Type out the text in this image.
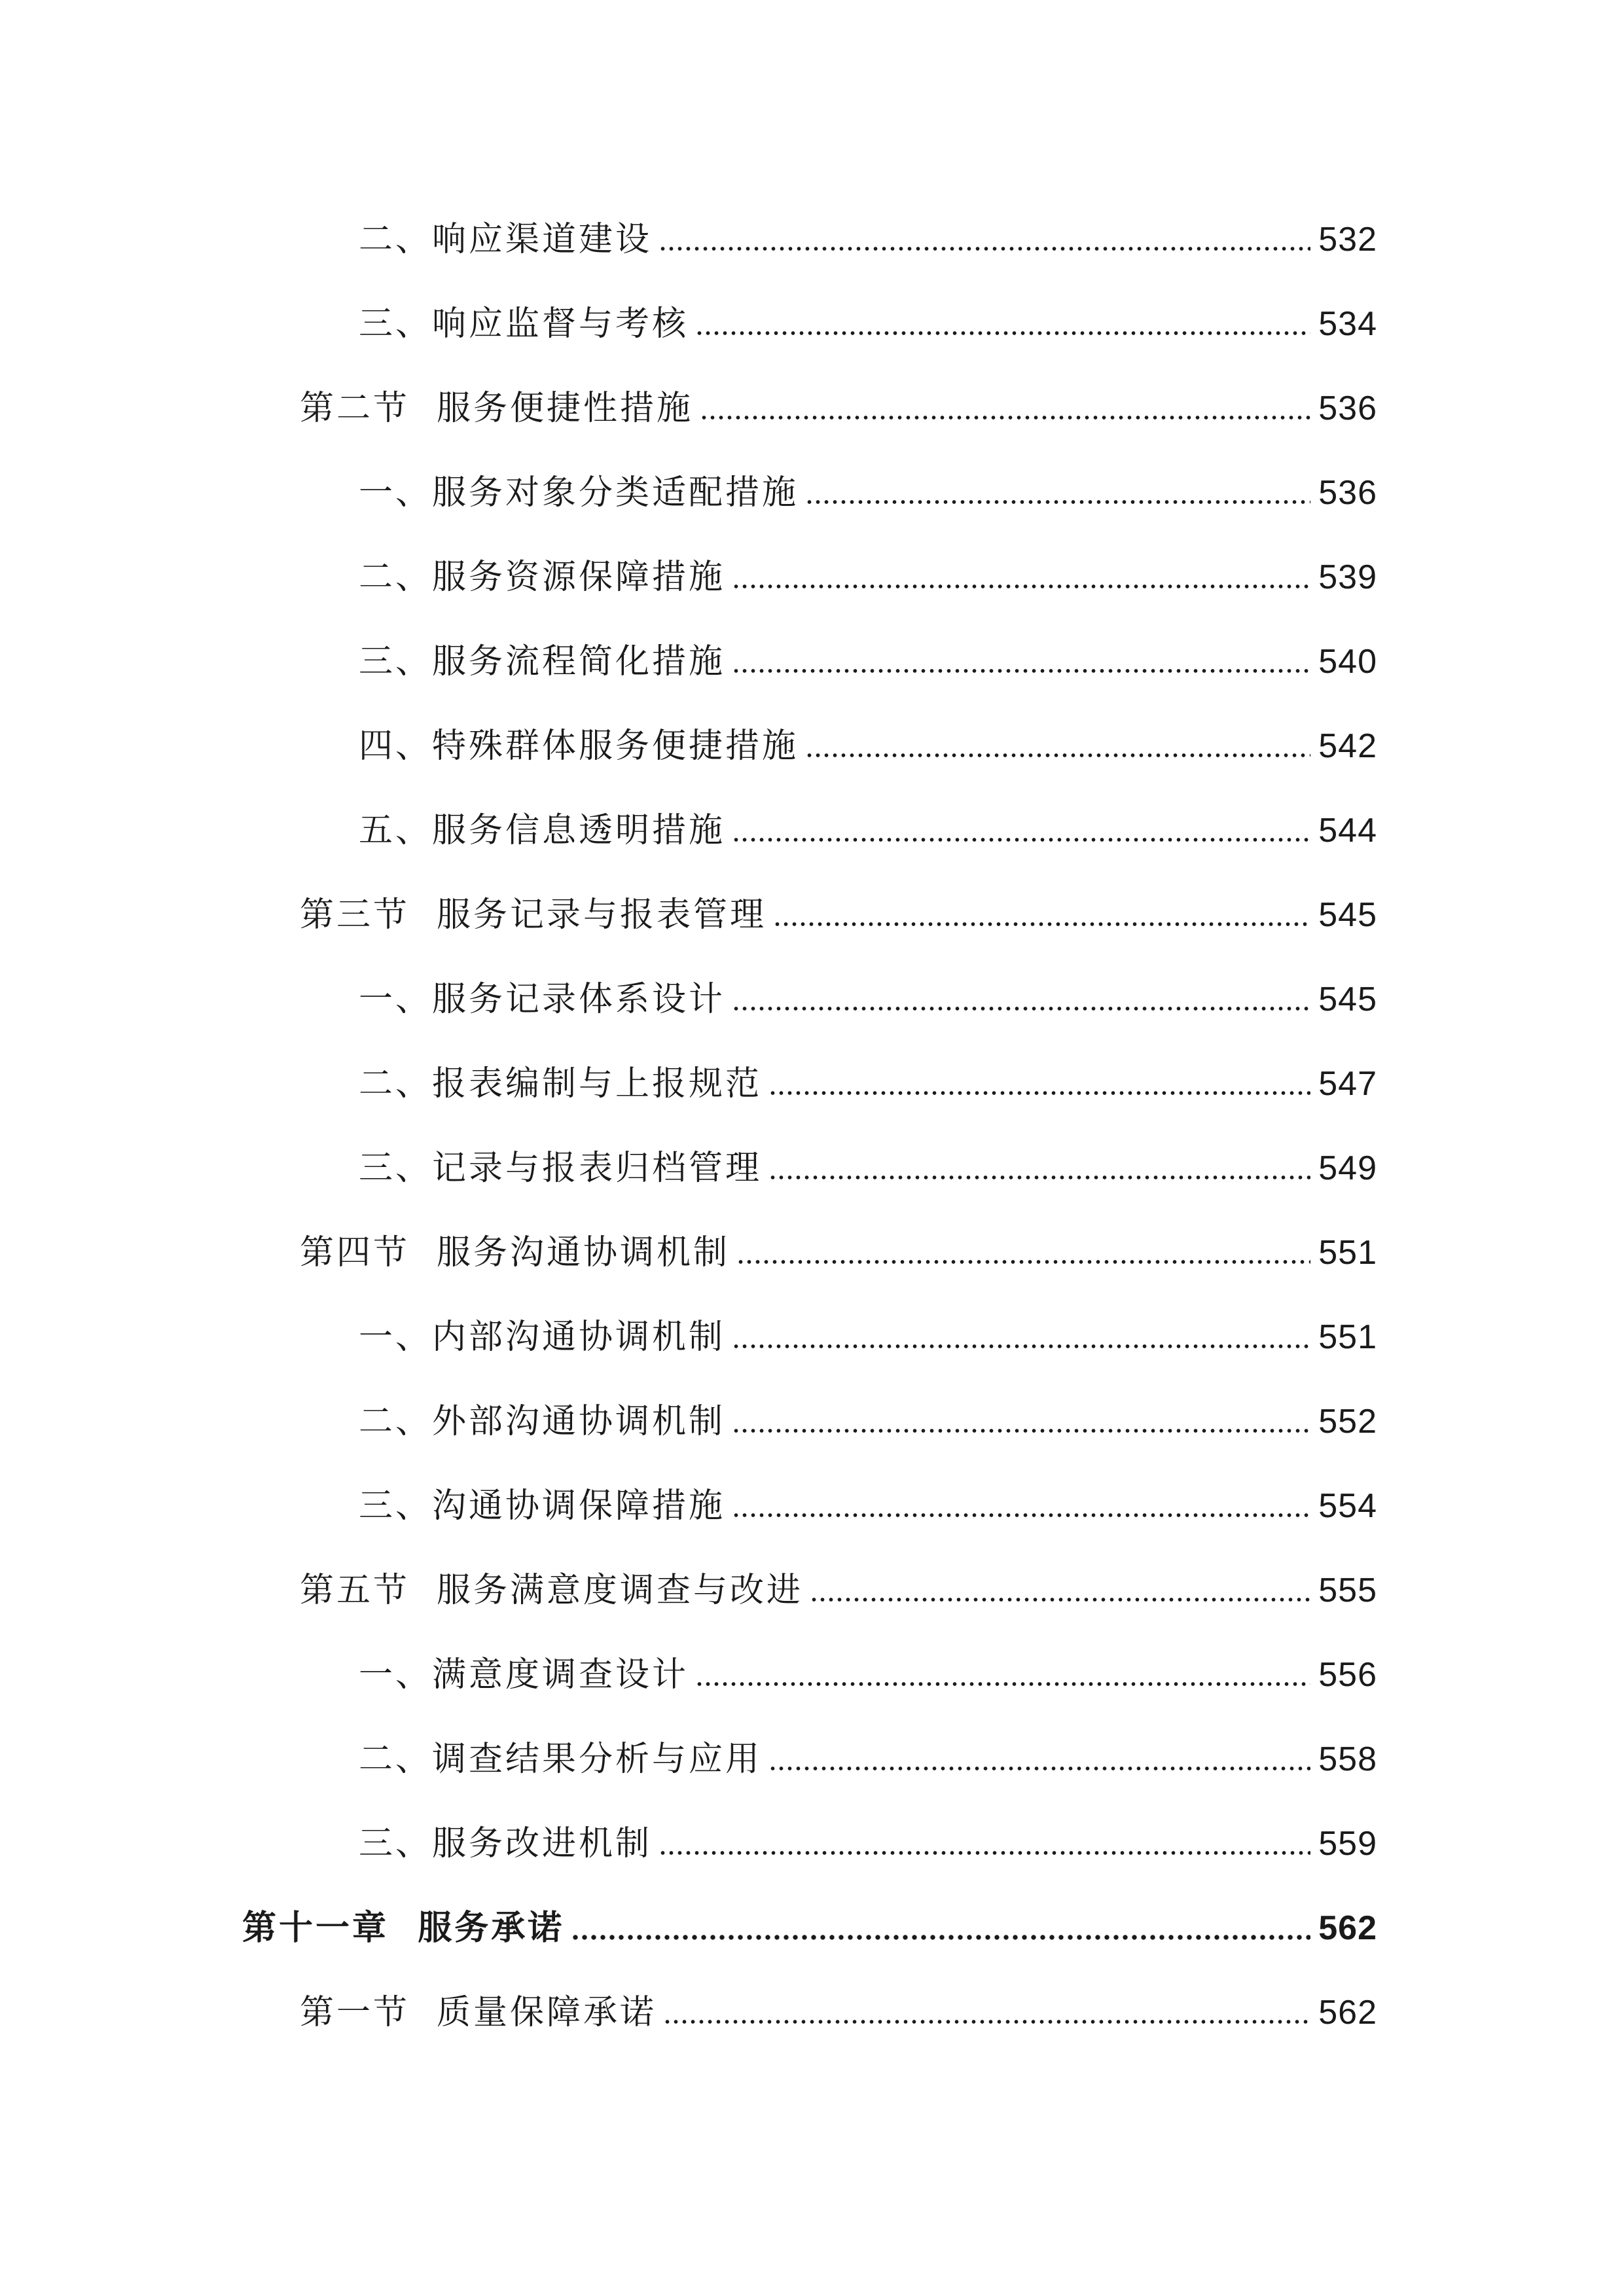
二、响应渠道建设	532
三、响应监督与考核	534
第二节  服务便捷性措施	536
一、服务对象分类适配措施	536
二、服务资源保障措施	539
三、服务流程简化措施	540
四、特殊群体服务便捷措施	542
五、服务信息透明措施	544
第三节  服务记录与报表管理	545
一、服务记录体系设计	545
二、报表编制与上报规范	547
三、记录与报表归档管理	549
第四节  服务沟通协调机制	551
一、内部沟通协调机制	551
二、外部沟通协调机制	552
三、沟通协调保障措施	554
第五节  服务满意度调查与改进	555
一、满意度调查设计	556
二、调查结果分析与应用	558
三、服务改进机制	559
第十一章  服务承诺	562
第一节  质量保障承诺	562
